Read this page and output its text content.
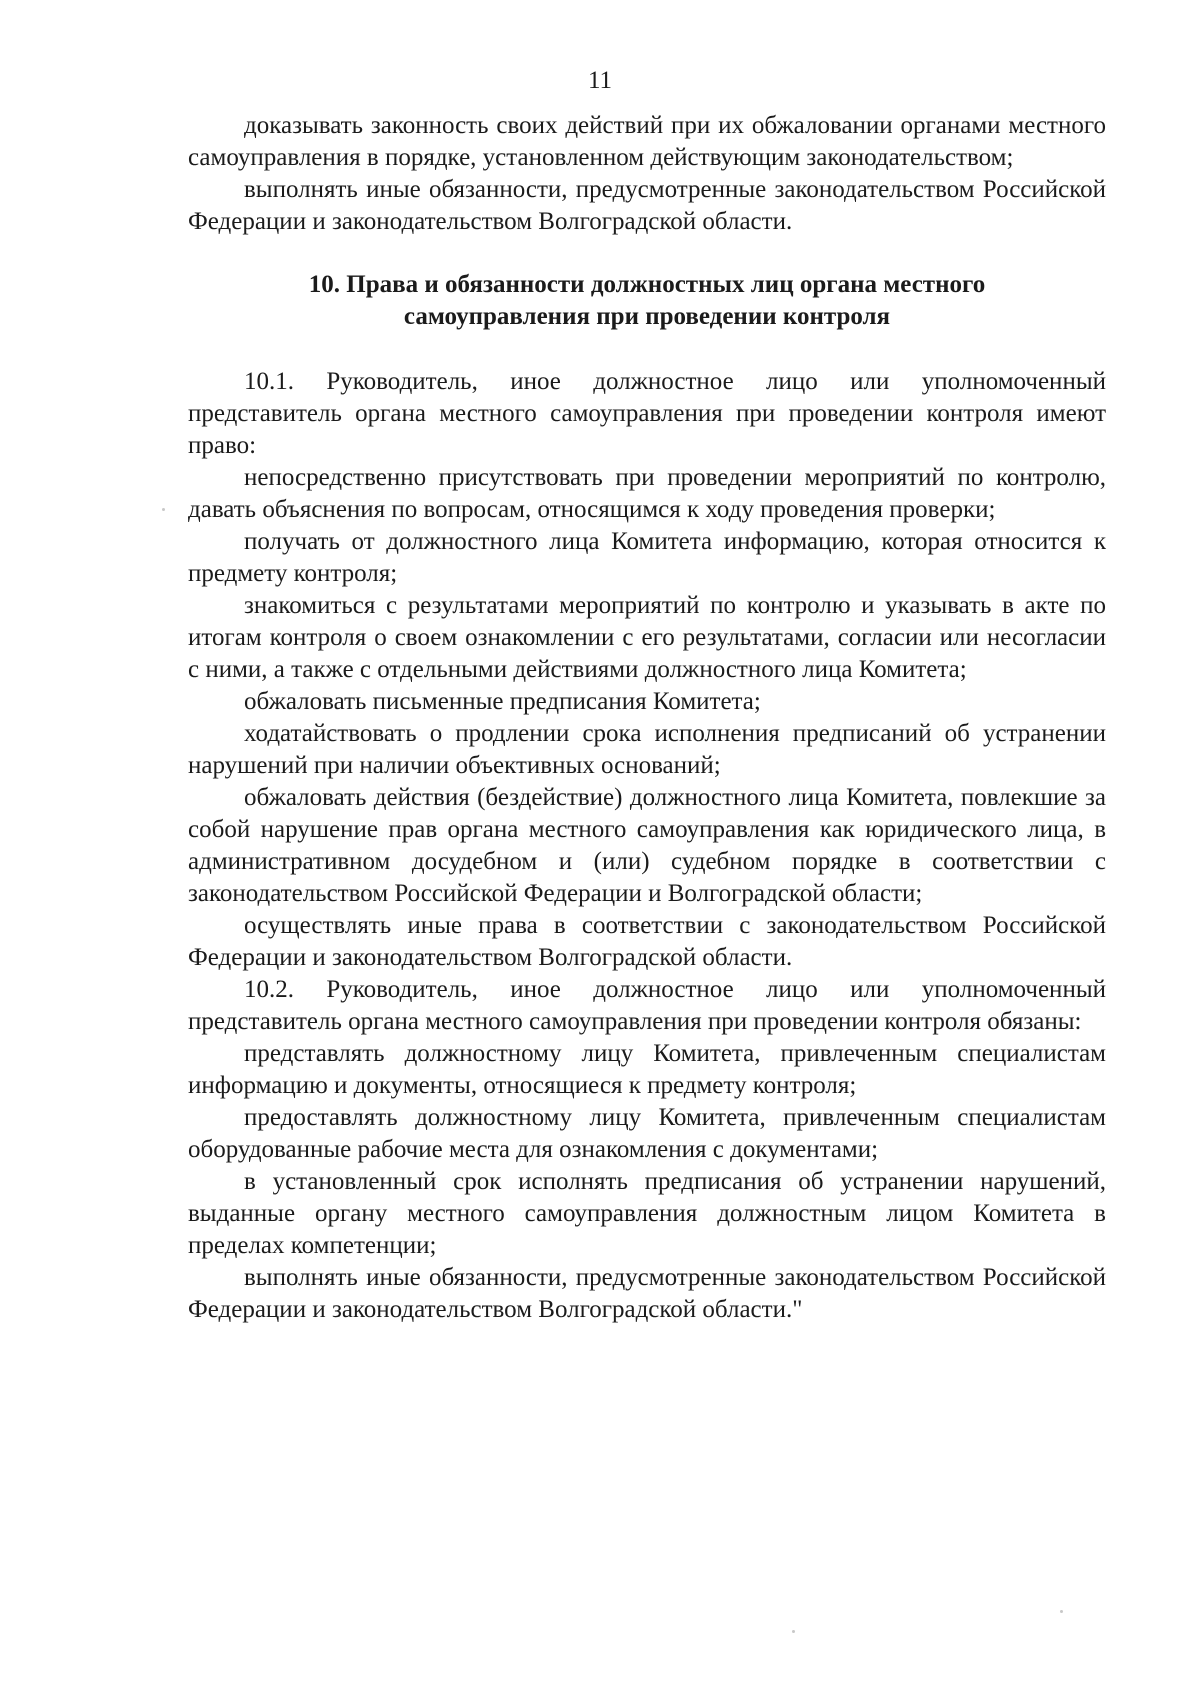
11

доказывать законность своих действий при их обжаловании органами местного самоуправления в порядке, установленном действующим законодательством;

выполнять иные обязанности, предусмотренные законодательством Российской Федерации и законодательством Волгоградской области.

10. Права и обязанности должностных лиц органа местного
самоуправления при проведении контроля

10.1. Руководитель, иное должностное лицо или уполномоченный представитель органа местного самоуправления при проведении контроля имеют право:

непосредственно присутствовать при проведении мероприятий по контролю, давать объяснения по вопросам, относящимся к ходу проведения проверки;

получать от должностного лица Комитета информацию, которая относится к предмету контроля;

знакомиться с результатами мероприятий по контролю и указывать в акте по итогам контроля о своем ознакомлении с его результатами, согласии или несогласии с ними, а также с отдельными действиями должностного лица Комитета;

обжаловать письменные предписания Комитета;

ходатайствовать о продлении срока исполнения предписаний об устранении нарушений при наличии объективных оснований;

обжаловать действия (бездействие) должностного лица Комитета, повлекшие за собой нарушение прав органа местного самоуправления как юридического лица, в административном досудебном и (или) судебном порядке в соответствии с законодательством Российской Федерации и Волгоградской области;

осуществлять иные права в соответствии с законодательством Российской Федерации и законодательством Волгоградской области.

10.2. Руководитель, иное должностное лицо или уполномоченный представитель органа местного самоуправления при проведении контроля обязаны:

представлять должностному лицу Комитета, привлеченным специалистам информацию и документы, относящиеся к предмету контроля;

предоставлять должностному лицу Комитета, привлеченным специалистам оборудованные рабочие места для ознакомления с документами;

в установленный срок исполнять предписания об устранении нарушений, выданные органу местного самоуправления должностным лицом Комитета в пределах компетенции;

выполнять иные обязанности, предусмотренные законодательством Российской Федерации и законодательством Волгоградской области."
